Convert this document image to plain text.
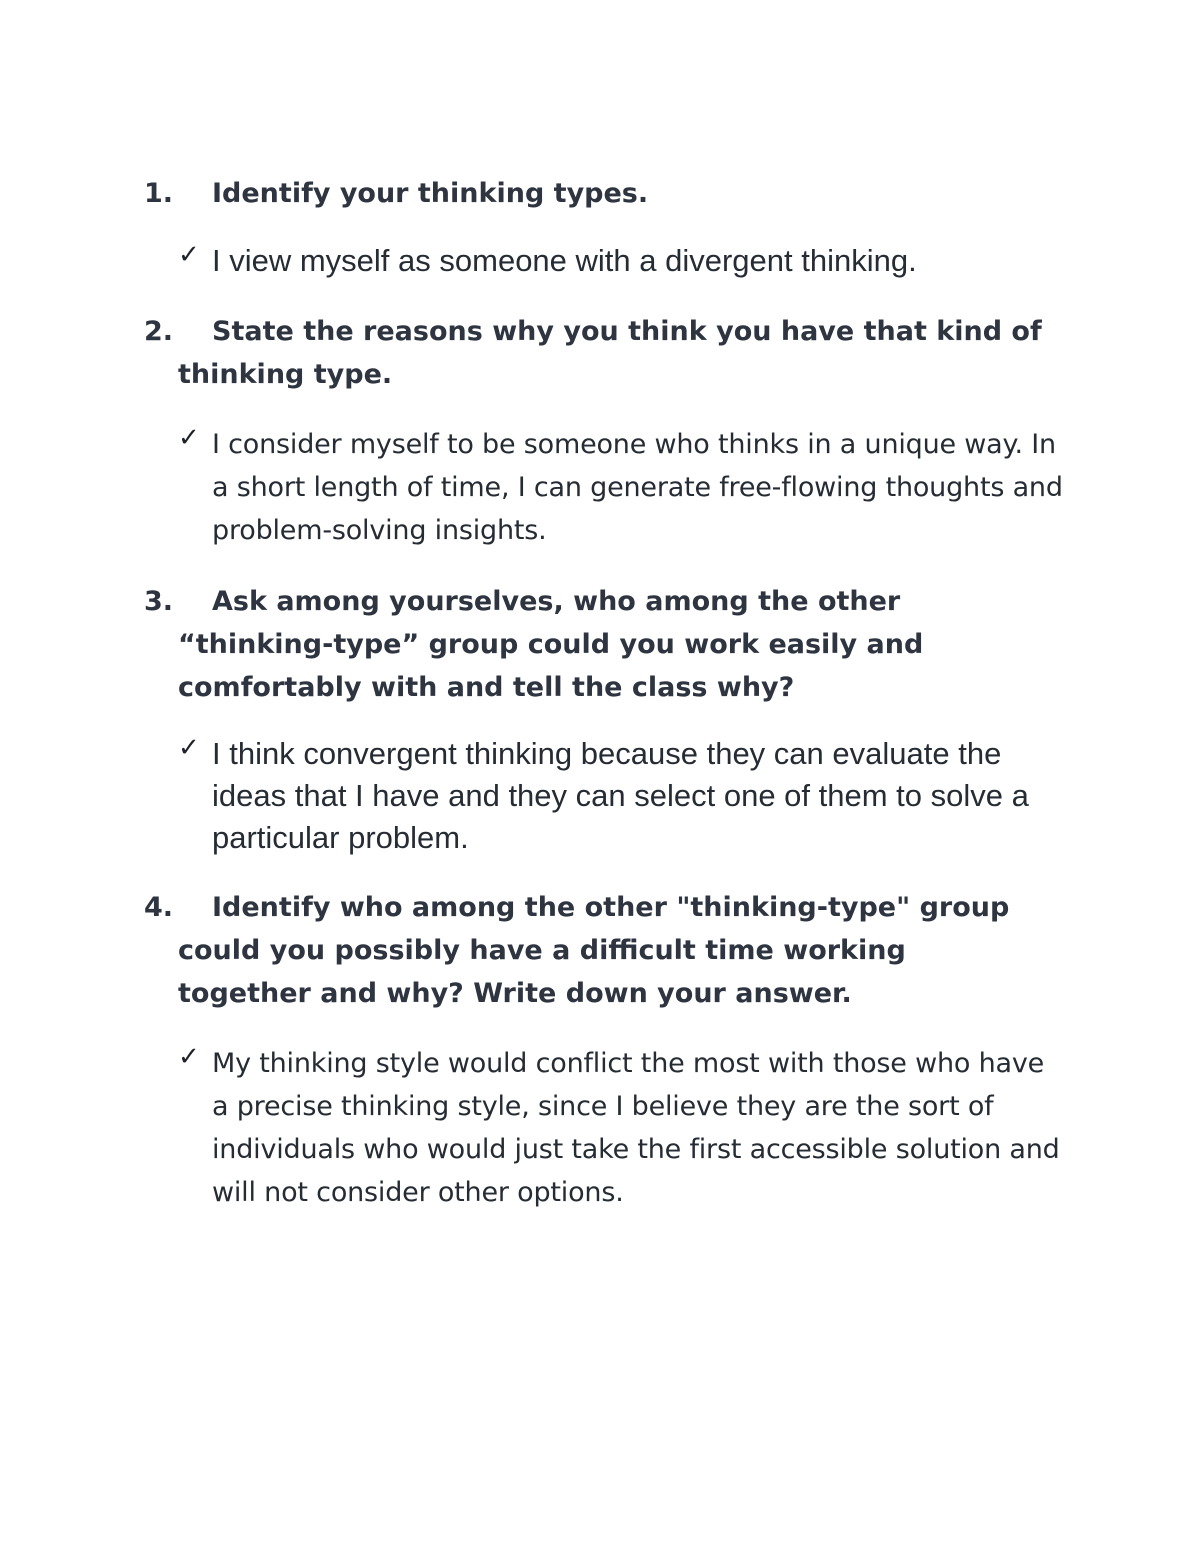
1.	Identify your thinking types.
✓ I view myself as someone with a divergent thinking.
2.	State the reasons why you think you have that kind of thinking type.
✓ I consider myself to be someone who thinks in a unique way. In a short length of time, I can generate free-flowing thoughts and problem-solving insights.
3.	Ask among yourselves, who among the other “thinking-type” group could you work easily and comfortably with and tell the class why?
✓ I think convergent thinking because they can evaluate the ideas that I have and they can select one of them to solve a particular problem.
4.	Identify who among the other "thinking-type" group could you possibly have a difficult time working together and why? Write down your answer.
✓ My thinking style would conflict the most with those who have a precise thinking style, since I believe they are the sort of individuals who would just take the first accessible solution and will not consider other options.
